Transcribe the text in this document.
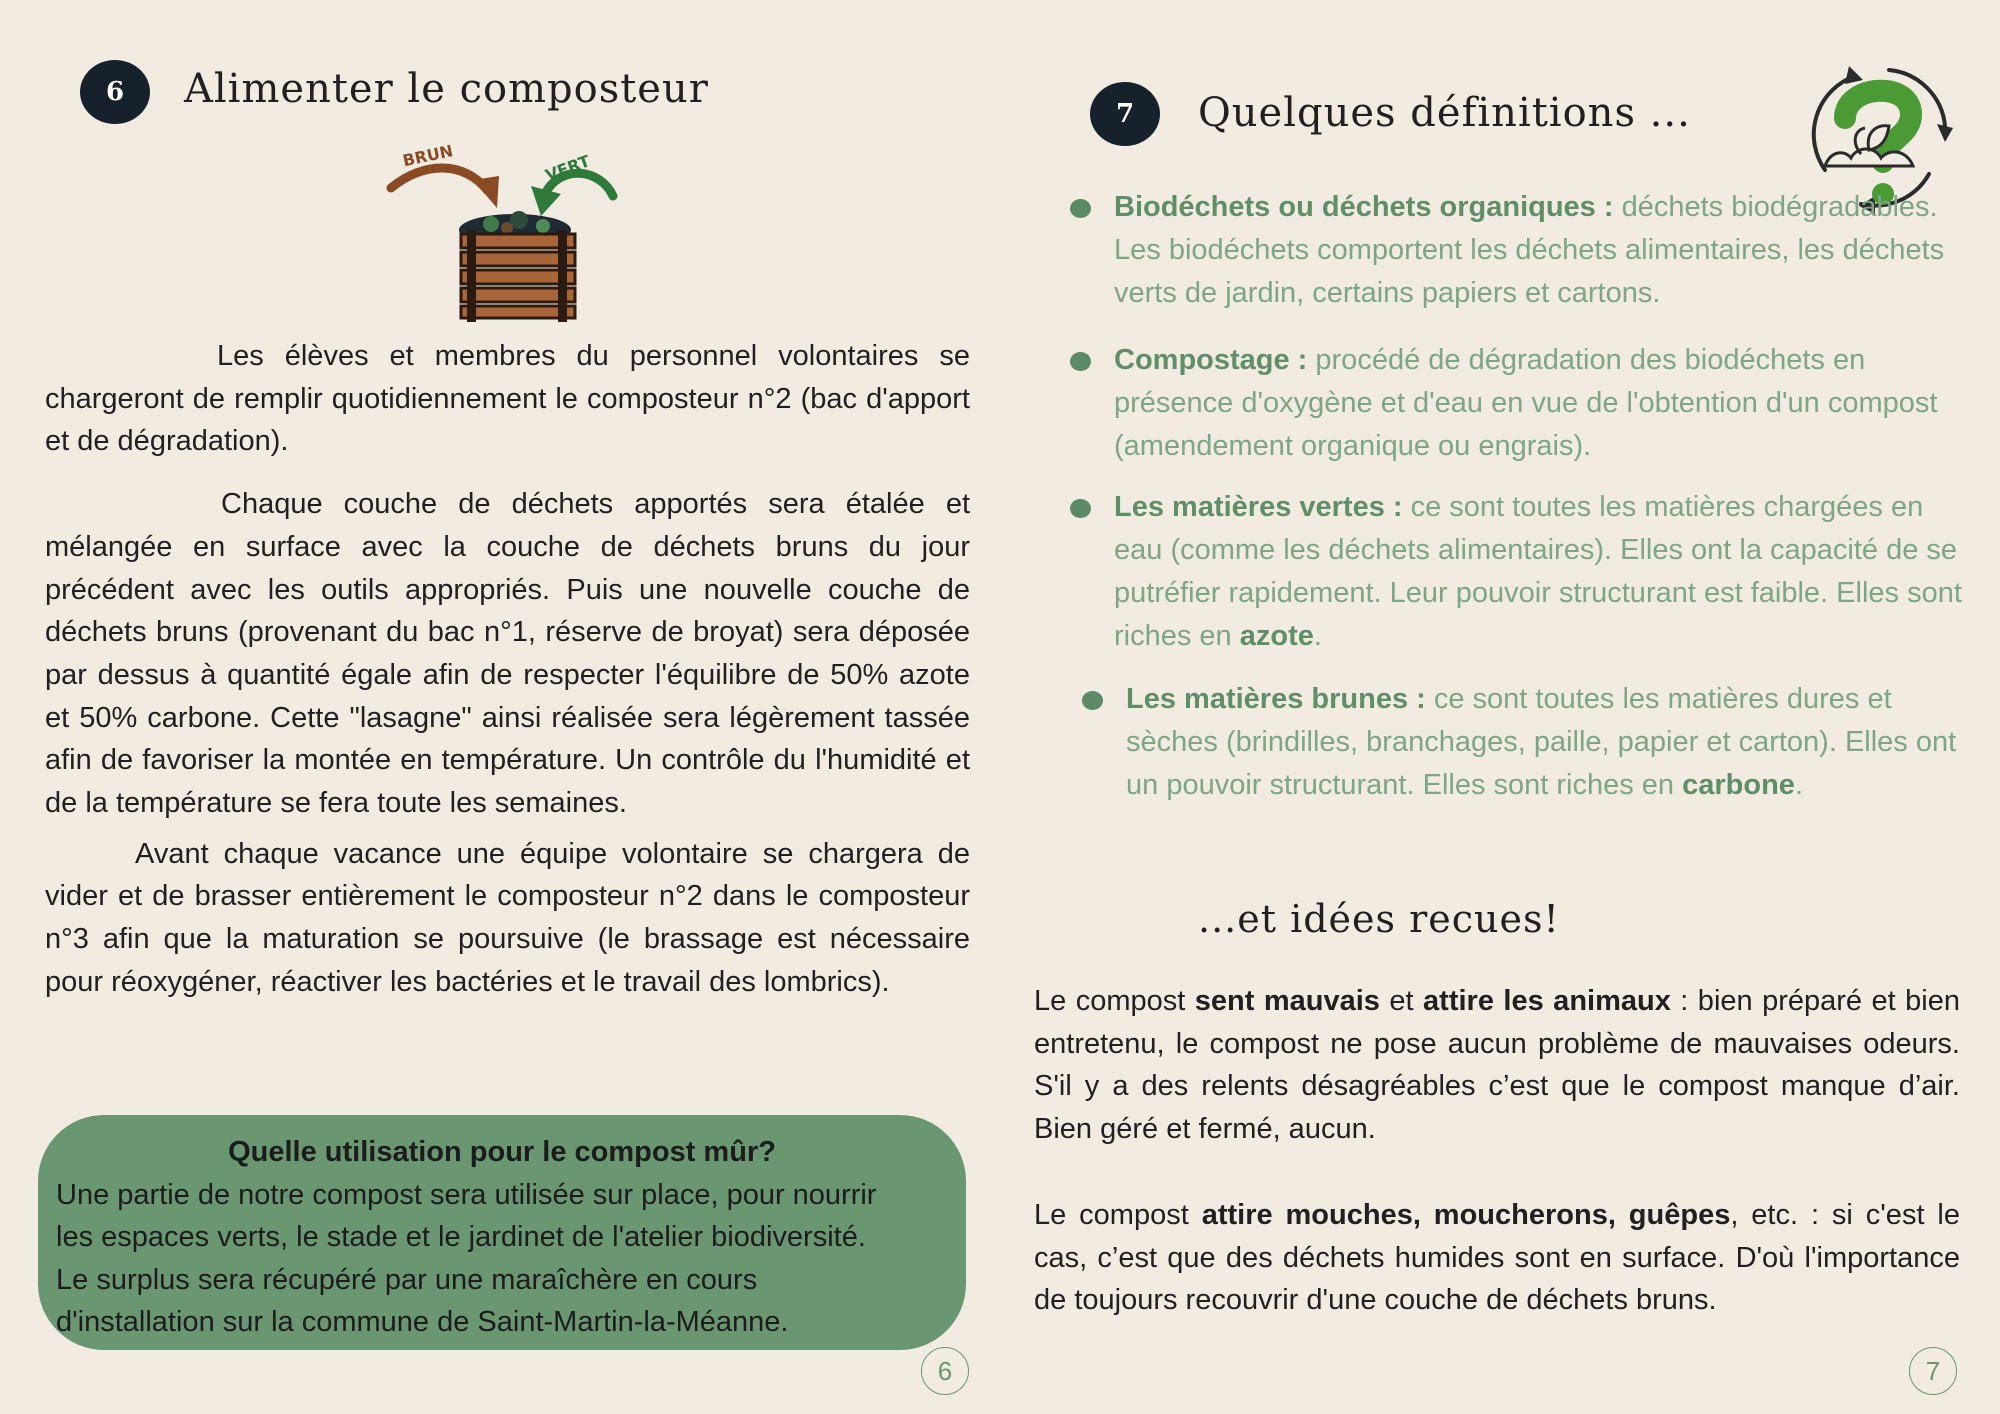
6	Alimenter le composteur
BRUN	VERT

Les élèves et membres du personnel volontaires se chargeront de remplir quotidiennement le composteur n°2 (bac d'apport et de dégradation).

Chaque couche de déchets apportés sera étalée et mélangée en surface avec la couche de déchets bruns du jour précédent avec les outils appropriés. Puis une nouvelle couche de déchets bruns (provenant du bac n°1, réserve de broyat) sera déposée par dessus à quantité égale afin de respecter l'équilibre de 50% azote et 50% carbone. Cette "lasagne" ainsi réalisée sera légèrement tassée afin de favoriser la montée en température. Un contrôle du l'humidité et de la température se fera toute les semaines.

Avant chaque vacance une équipe volontaire se chargera de vider et de brasser entièrement le composteur n°2 dans le composteur n°3 afin que la maturation se poursuive (le brassage est nécessaire pour réoxygéner, réactiver les bactéries et le travail des lombrics).

Quelle utilisation pour le compost mûr?
Une partie de notre compost sera utilisée sur place, pour nourrir
les espaces verts, le stade et le jardinet de l'atelier biodiversité.
Le surplus sera récupéré par une maraîchère en cours
d'installation sur la commune de Saint-Martin-la-Méanne.
6
7	Quelques définitions ...
Biodéchets ou déchets organiques : déchets biodégradables. Les biodéchets comportent les déchets alimentaires, les déchets verts de jardin, certains papiers et cartons.
Compostage : procédé de dégradation des biodéchets en présence d'oxygène et d'eau en vue de l'obtention d'un compost (amendement organique ou engrais).
Les matières vertes : ce sont toutes les matières chargées en eau (comme les déchets alimentaires). Elles ont la capacité de se putréfier rapidement. Leur pouvoir structurant est faible. Elles sont riches en azote.
Les matières brunes : ce sont toutes les matières dures et sèches (brindilles, branchages, paille, papier et carton). Elles ont un pouvoir structurant. Elles sont riches en carbone.
...et idées recues!
Le compost sent mauvais et attire les animaux : bien préparé et bien entretenu, le compost ne pose aucun problème de mauvaises odeurs. S'il y a des relents désagréables c’est que le compost manque d’air. Bien géré et fermé, aucun.
Le compost attire mouches, moucherons, guêpes, etc. : si c'est le cas, c’est que des déchets humides sont en surface. D'où l'importance de toujours recouvrir d'une couche de déchets bruns.
7
